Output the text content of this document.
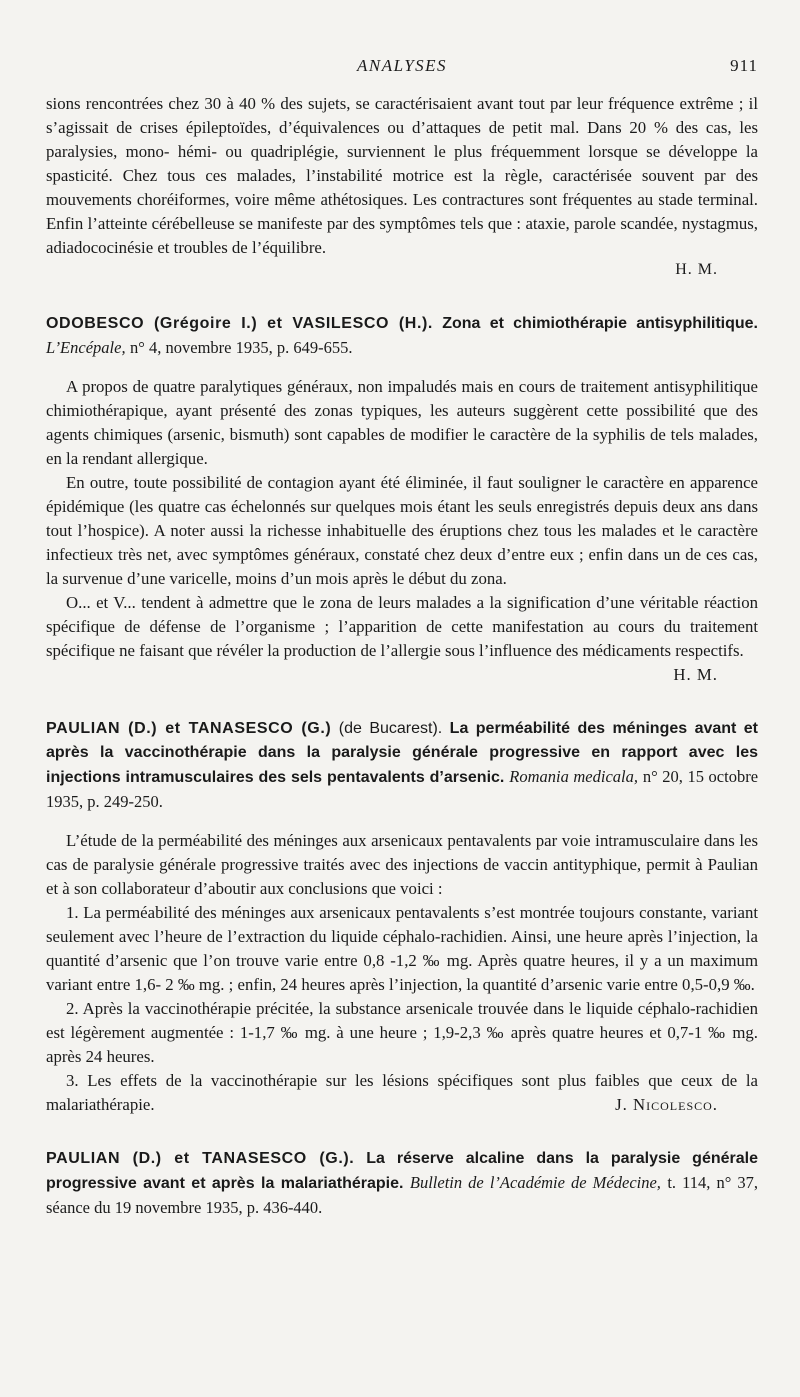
ANALYSES	911

sions rencontrées chez 30 à 40 % des sujets, se caractérisaient avant tout par leur fréquence extrême ; il s’agissait de crises épileptoïdes, d’équivalences ou d’attaques de petit mal. Dans 20 % des cas, les paralysies, mono- hémi- ou quadriplégie, surviennent le plus fréquemment lorsque se développe la spasticité. Chez tous ces malades, l’instabilité motrice est la règle, caractérisée souvent par des mouvements choréiformes, voire même athétosiques. Les contractures sont fréquentes au stade terminal. Enfin l’atteinte cérébelleuse se manifeste par des symptômes tels que : ataxie, parole scandée, nystagmus, adiadococinésie et troubles de l’équilibre.

H. M.

ODOBESCO (Grégoire I.) et VASILESCO (H.). Zona et chimiothérapie antisyphilitique. L’Encépale, n° 4, novembre 1935, p. 649-655.

A propos de quatre paralytiques généraux, non impaludés mais en cours de traitement antisyphilitique chimiothérapique, ayant présenté des zonas typiques, les auteurs suggèrent cette possibilité que des agents chimiques (arsenic, bismuth) sont capables de modifier le caractère de la syphilis de tels malades, en la rendant allergique.

En outre, toute possibilité de contagion ayant été éliminée, il faut souligner le caractère en apparence épidémique (les quatre cas échelonnés sur quelques mois étant les seuls enregistrés depuis deux ans dans tout l’hospice). A noter aussi la richesse inhabituelle des éruptions chez tous les malades et le caractère infectieux très net, avec symptômes généraux, constaté chez deux d’entre eux ; enfin dans un de ces cas, la survenue d’une varicelle, moins d’un mois après le début du zona.

O... et V... tendent à admettre que le zona de leurs malades a la signification d’une véritable réaction spécifique de défense de l’organisme ; l’apparition de cette manifestation au cours du traitement spécifique ne faisant que révéler la production de l’allergie sous l’influence des médicaments respectifs.
H. M.

PAULIAN (D.) et TANASESCO (G.) (de Bucarest). La perméabilité des méninges avant et après la vaccinothérapie dans la paralysie générale progressive en rapport avec les injections intramusculaires des sels pentavalents d’arsenic. Romania medicala, n° 20, 15 octobre 1935, p. 249-250.

L’étude de la perméabilité des méninges aux arsenicaux pentavalents par voie intramusculaire dans les cas de paralysie générale progressive traités avec des injections de vaccin antityphique, permit à Paulian et à son collaborateur d’aboutir aux conclusions que voici :

1. La perméabilité des méninges aux arsenicaux pentavalents s’est montrée toujours constante, variant seulement avec l’heure de l’extraction du liquide céphalo-rachidien. Ainsi, une heure après l’injection, la quantité d’arsenic que l’on trouve varie entre 0,8 -1,2 ‰ mg. Après quatre heures, il y a un maximum variant entre 1,6- 2 ‰ mg. ; enfin, 24 heures après l’injection, la quantité d’arsenic varie entre 0,5-0,9 ‰.

2. Après la vaccinothérapie précitée, la substance arsenicale trouvée dans le liquide céphalo-rachidien est légèrement augmentée : 1-1,7 ‰ mg. à une heure ; 1,9-2,3 ‰ après quatre heures et 0,7-1 ‰ mg. après 24 heures.

3. Les effets de la vaccinothérapie sur les lésions spécifiques sont plus faibles que ceux de la malariathérapie.	J. Nicolesco.

PAULIAN (D.) et TANASESCO (G.). La réserve alcaline dans la paralysie générale progressive avant et après la malariathérapie. Bulletin de l’Académie de Médecine, t. 114, n° 37, séance du 19 novembre 1935, p. 436-440.
